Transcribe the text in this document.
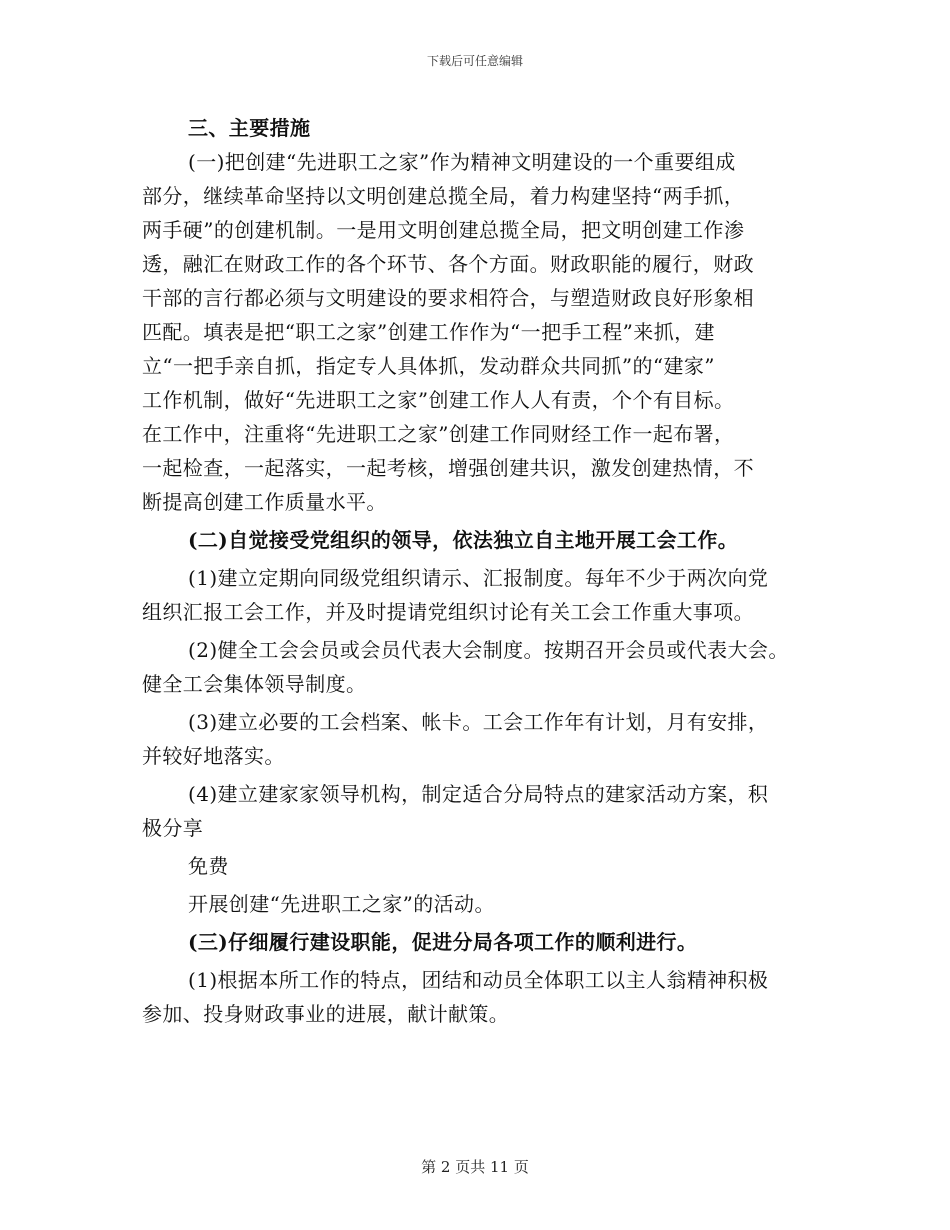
下载后可任意编辑
三、主要措施
(一)把创建“先进职工之家”作为精神文明建设的一个重要组成
部分，继续革命坚持以文明创建总揽全局，着力构建坚持“两手抓，
两手硬”的创建机制。一是用文明创建总揽全局，把文明创建工作渗
透，融汇在财政工作的各个环节、各个方面。财政职能的履行，财政
干部的言行都必须与文明建设的要求相符合，与塑造财政良好形象相
匹配。填表是把“职工之家”创建工作作为“一把手工程”来抓，建
立“一把手亲自抓，指定专人具体抓，发动群众共同抓”的“建家”
工作机制，做好“先进职工之家”创建工作人人有责，个个有目标。
在工作中，注重将“先进职工之家”创建工作同财经工作一起布署，
一起检查，一起落实，一起考核，增强创建共识，激发创建热情，不
断提高创建工作质量水平。
(二)自觉接受党组织的领导，依法独立自主地开展工会工作。
(1)建立定期向同级党组织请示、汇报制度。每年不少于两次向党
组织汇报工会工作，并及时提请党组织讨论有关工会工作重大事项。
(2)健全工会会员或会员代表大会制度。按期召开会员或代表大会。
健全工会集体领导制度。
(3)建立必要的工会档案、帐卡。工会工作年有计划，月有安排，
并较好地落实。
(4)建立建家家领导机构，制定适合分局特点的建家活动方案，积
极分享
免费
开展创建“先进职工之家”的活动。
(三)仔细履行建设职能，促进分局各项工作的顺利进行。
(1)根据本所工作的特点，团结和动员全体职工以主人翁精神积极
参加、投身财政事业的进展，献计献策。
第 2 页共 11 页
